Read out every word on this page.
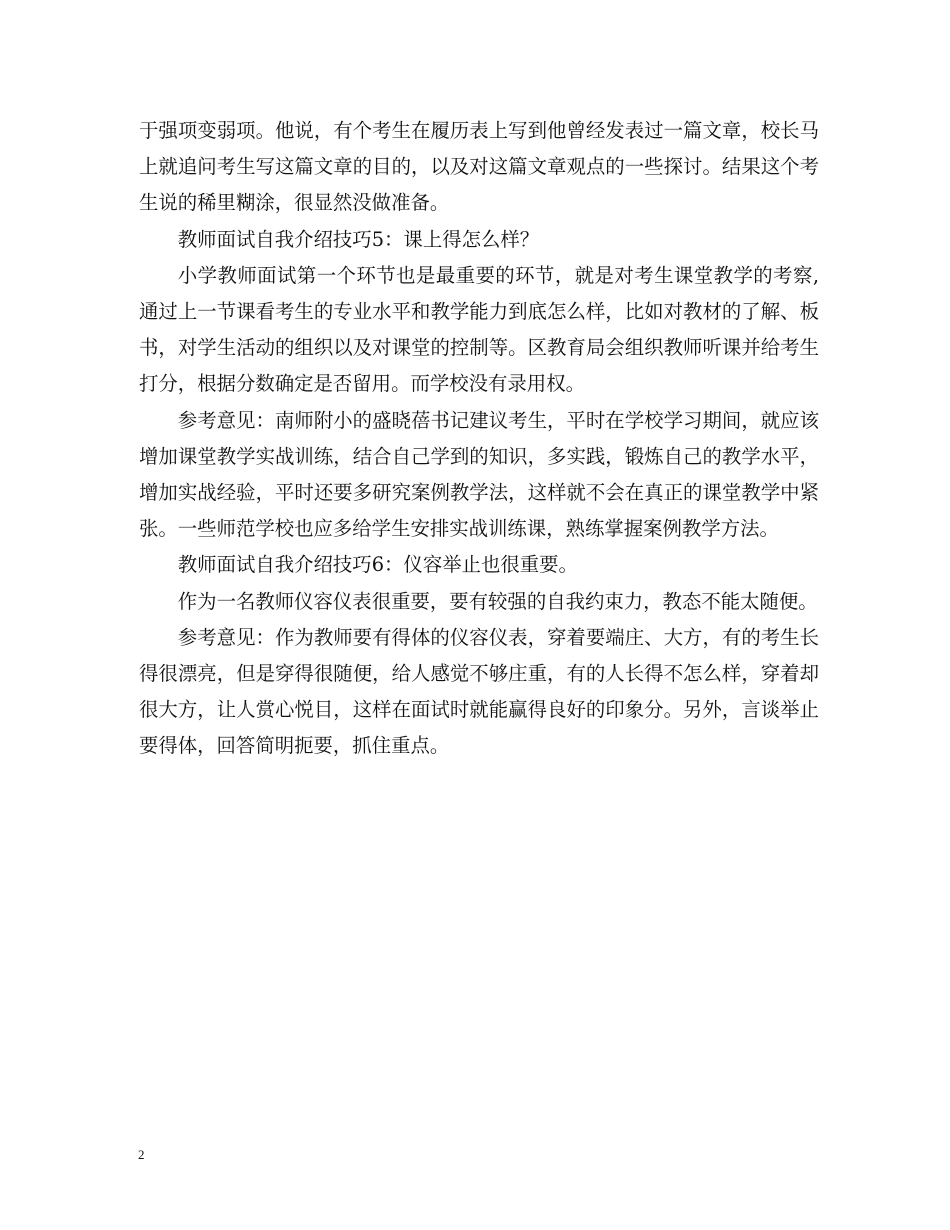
于强项变弱项。他说，有个考生在履历表上写到他曾经发表过一篇文章，校长马上就追问考生写这篇文章的目的，以及对这篇文章观点的一些探讨。结果这个考生说的稀里糊涂，很显然没做准备。

教师面试自我介绍技巧5：课上得怎么样？

小学教师面试第一个环节也是最重要的环节，就是对考生课堂教学的考察,通过上一节课看考生的专业水平和教学能力到底怎么样，比如对教材的了解、板书，对学生活动的组织以及对课堂的控制等。区教育局会组织教师听课并给考生打分，根据分数确定是否留用。而学校没有录用权。

参考意见：南师附小的盛晓蓓书记建议考生，平时在学校学习期间，就应该增加课堂教学实战训练，结合自己学到的知识，多实践，锻炼自己的教学水平，增加实战经验，平时还要多研究案例教学法，这样就不会在真正的课堂教学中紧张。一些师范学校也应多给学生安排实战训练课，熟练掌握案例教学方法。

教师面试自我介绍技巧6：仪容举止也很重要。

作为一名教师仪容仪表很重要，要有较强的自我约束力，教态不能太随便。

参考意见：作为教师要有得体的仪容仪表，穿着要端庄、大方，有的考生长得很漂亮，但是穿得很随便，给人感觉不够庄重，有的人长得不怎么样，穿着却很大方，让人赏心悦目，这样在面试时就能赢得良好的印象分。另外，言谈举止要得体，回答简明扼要，抓住重点。

2
